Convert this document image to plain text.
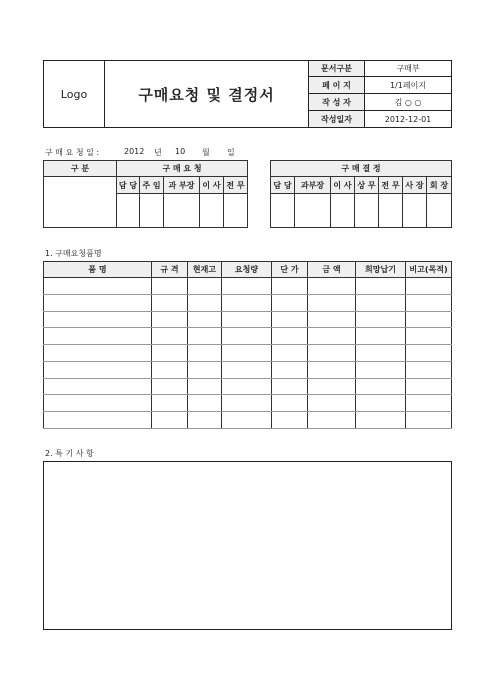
Logo	구매요청 및 결정서	문서구분	구매부
		페 이 지	1/1페이지
		작 성 자	김 ○ ○
		작성일자	2012-12-01
구 매 요 청 일 :	2012 년 10 월 일
구 분	구 매 요 청				
	담 당	주 임	과 부장	이 사	전 무

구 매 결 정						
담 당	과부장	이 사	상 무	전 무	사 장	회 장

1. 구매요청품명
품 명	규 격	현재고	요청량	단 가	금 액	희망납기	비고(목적)

2. 특 기 사 항
